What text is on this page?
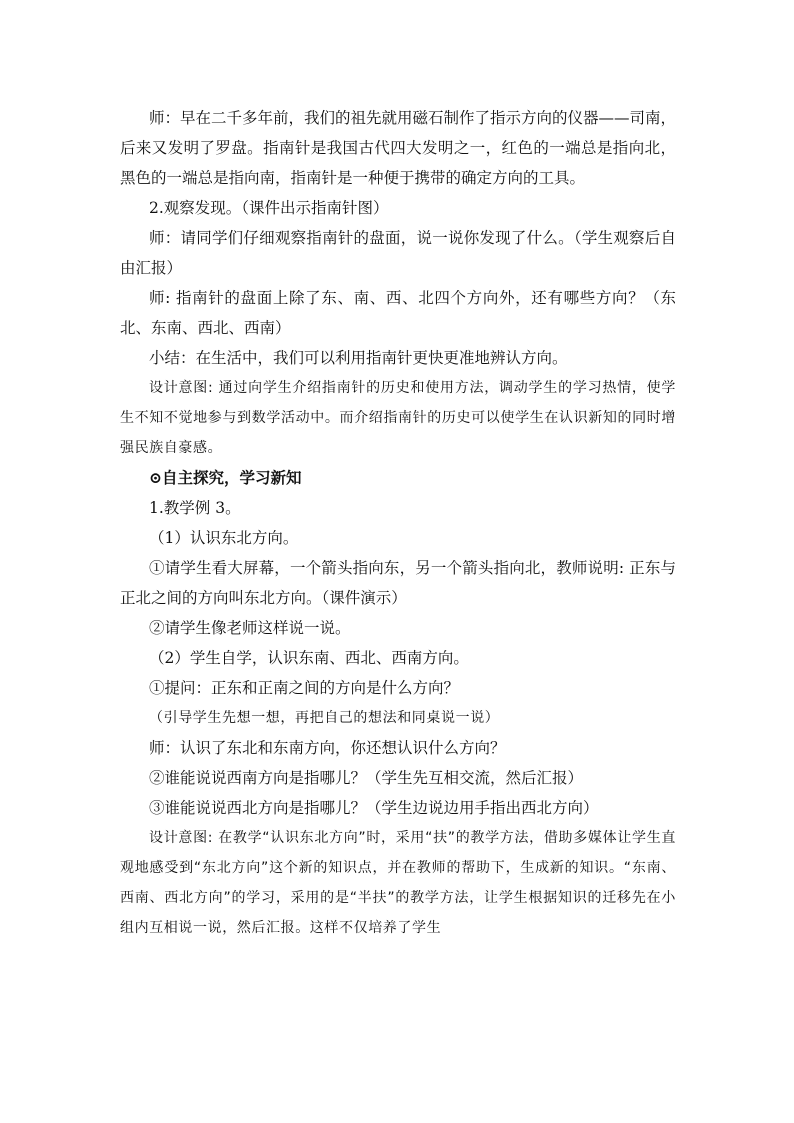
师：早在二千多年前，我们的祖先就用磁石制作了指示方向的仪器——司南，后来又发明了罗盘。指南针是我国古代四大发明之一，红色的一端总是指向北，黑色的一端总是指向南，指南针是一种便于携带的确定方向的工具。

2.观察发现。（课件出示指南针图）

师：请同学们仔细观察指南针的盘面，说一说你发现了什么。（学生观察后自由汇报）

师: 指南针的盘面上除了东、南、西、北四个方向外，还有哪些方向？（东北、东南、西北、西南）

小结：在生活中，我们可以利用指南针更快更准地辨认方向。

设计意图: 通过向学生介绍指南针的历史和使用方法，调动学生的学习热情，使学生不知不觉地参与到数学活动中。而介绍指南针的历史可以使学生在认识新知的同时增强民族自豪感。

⊙自主探究，学习新知

1.教学例 3。

（1）认识东北方向。

①请学生看大屏幕，一个箭头指向东，另一个箭头指向北，教师说明: 正东与正北之间的方向叫东北方向。（课件演示）

②请学生像老师这样说一说。

（2）学生自学，认识东南、西北、西南方向。

①提问：正东和正南之间的方向是什么方向？

（引导学生先想一想，再把自己的想法和同桌说一说）

师：认识了东北和东南方向，你还想认识什么方向？

②谁能说说西南方向是指哪儿？（学生先互相交流，然后汇报）

③谁能说说西北方向是指哪儿？（学生边说边用手指出西北方向）

设计意图: 在教学“认识东北方向”时，采用“扶”的教学方法，借助多媒体让学生直观地感受到“东北方向”这个新的知识点，并在教师的帮助下，生成新的知识。“东南、西南、西北方向”的学习，采用的是“半扶”的教学方法，让学生根据知识的迁移先在小组内互相说一说，然后汇报。这样不仅培养了学生
